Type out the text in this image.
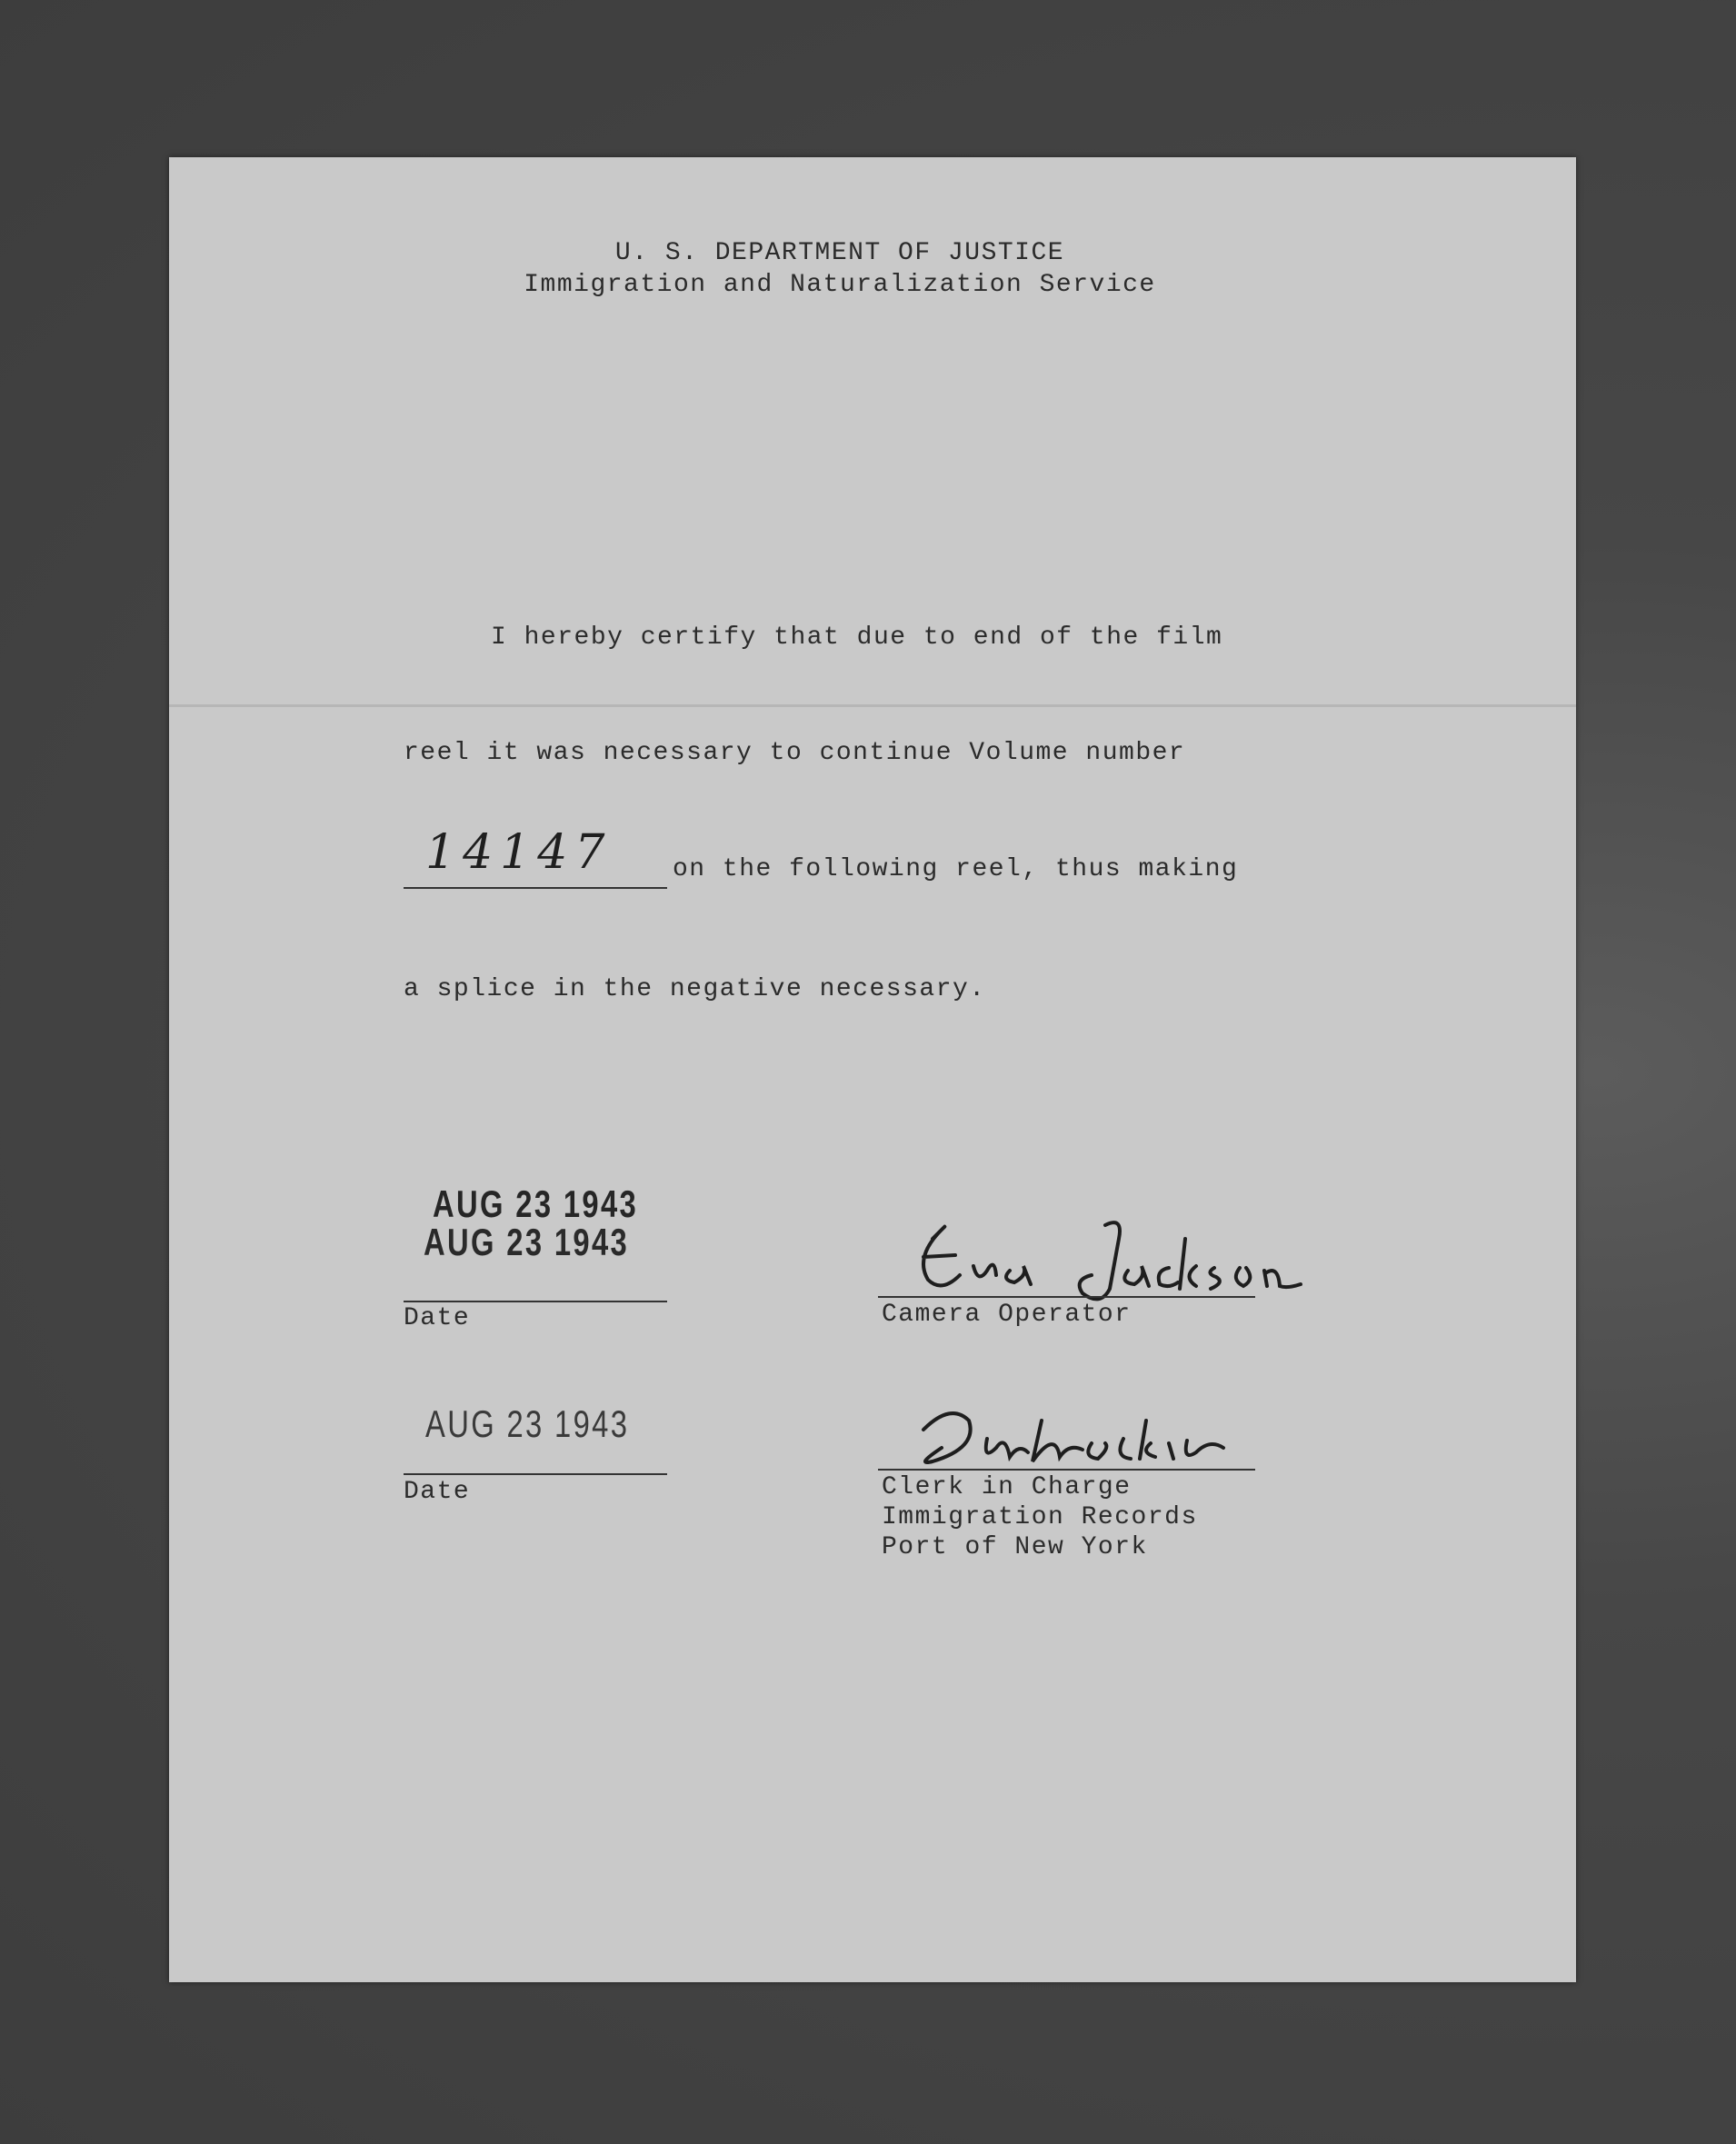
U. S. DEPARTMENT OF JUSTICE
Immigration and Naturalization Service
I hereby certify that due to end of the film
reel it was necessary to continue Volume number
14147 on the following reel, thus making
a splice in the negative necessary.
AUG 23 1943
AUG 23 1943
Date	Camera Operator
AUG 23 1943
Date	Clerk in Charge
Immigration Records
Port of New York
